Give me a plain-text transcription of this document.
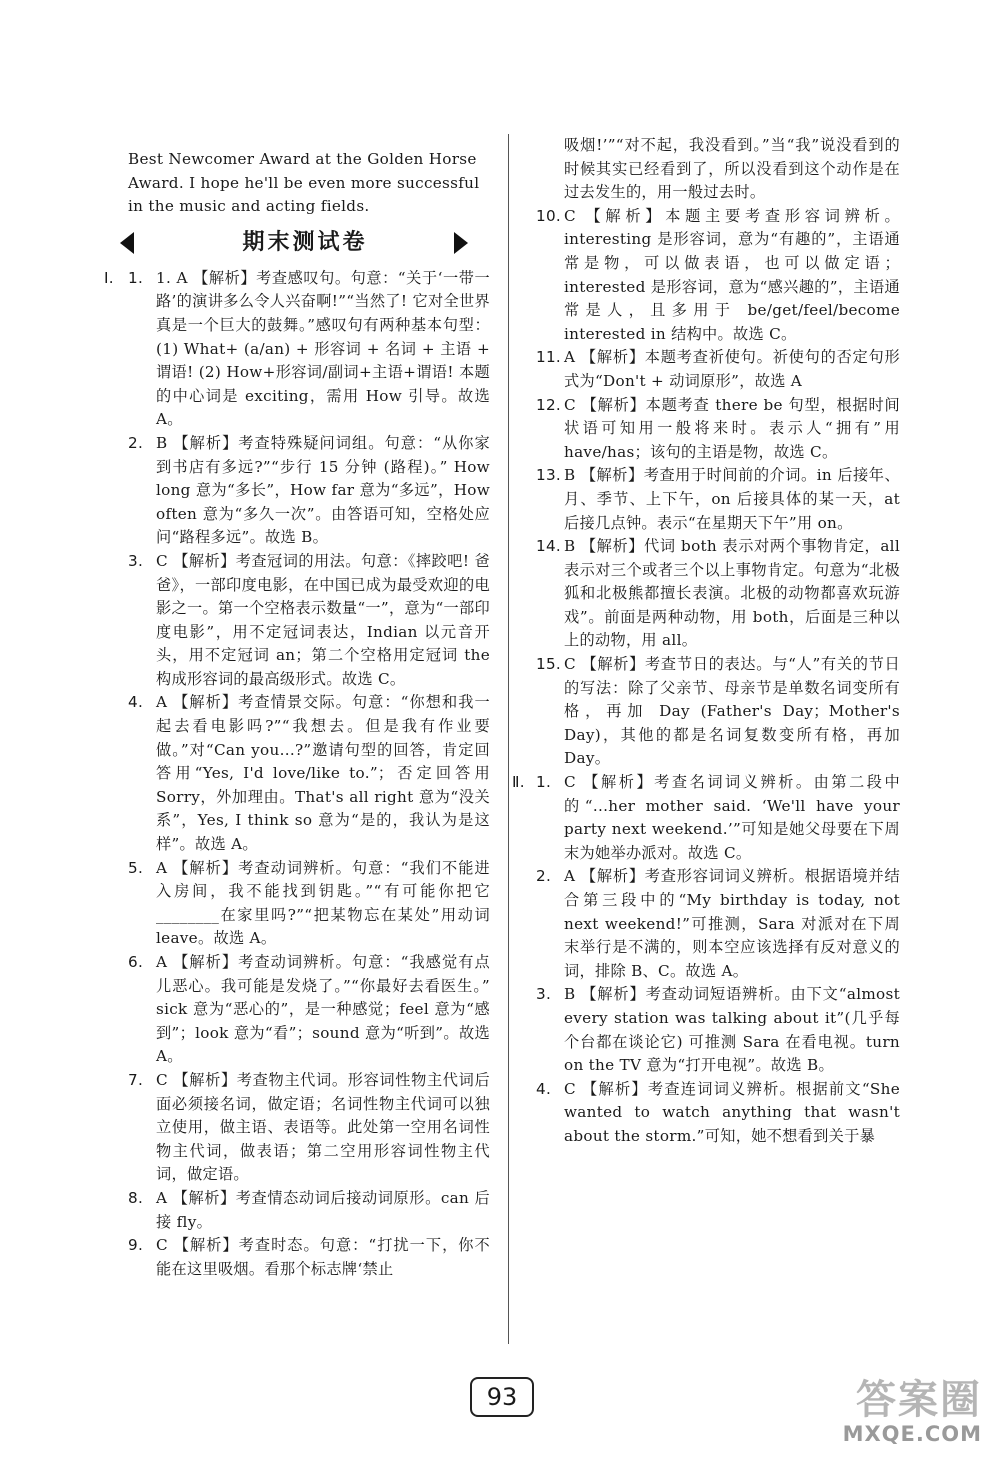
Best Newcomer Award at the Golden Horse Award. I hope he'll be even more successful in the music and acting fields.
期末测试卷
Ⅰ. 1. 1. A 【解析】考查感叹句。句意：“关于‘一带一路’的演讲多么令人兴奋啊!”“当然了! 它对全世界真是一个巨大的鼓舞。”感叹句有两种基本句型：(1) What+ (a/an) + 形容词 + 名词 + 主语 + 谓语! (2) How+形容词/副词+主语+谓语! 本题的中心词是 exciting，需用 How 引导。故选 A。
2. B 【解析】考查特殊疑问词组。句意：“从你家到书店有多远?”“步行 15 分钟 (路程)。” How long 意为“多长”，How far 意为“多远”，How often 意为“多久一次”。由答语可知，空格处应问“路程多远”。故选 B。
3. C 【解析】考查冠词的用法。句意：《摔跤吧! 爸爸》，一部印度电影，在中国已成为最受欢迎的电影之一。第一个空格表示数量“一”，意为“一部印度电影”，用不定冠词表达，Indian 以元音开头，用不定冠词 an；第二个空格用定冠词 the 构成形容词的最高级形式。故选 C。
4. A 【解析】考查情景交际。句意：“你想和我一起去看电影吗?”“我想去。但是我有作业要做。”对“Can you...?”邀请句型的回答，肯定回答用“Yes, I'd love/like to.”；否定回答用 Sorry，外加理由。That's all right 意为“没关系”，Yes, I think so 意为“是的，我认为是这样”。故选 A。
5. A 【解析】考查动词辨析。句意：“我们不能进入房间，我不能找到钥匙。”“有可能你把它________在家里吗?”“把某物忘在某处”用动词 leave。故选 A。
6. A 【解析】考查动词辨析。句意：“我感觉有点儿恶心。我可能是发烧了。”“你最好去看医生。” sick 意为“恶心的”，是一种感觉；feel 意为“感到”；look 意为“看”；sound 意为“听到”。故选 A。
7. C 【解析】考查物主代词。形容词性物主代词后面必须接名词，做定语；名词性物主代词可以独立使用，做主语、表语等。此处第一空用名词性物主代词，做表语；第二空用形容词性物主代词，做定语。
8. A 【解析】考查情态动词后接动词原形。can 后接 fly。
9. C 【解析】考查时态。句意：“打扰一下，你不能在这里吸烟。看那个标志牌‘禁止
吸烟!’”“对不起，我没看到。”当“我”说没看到的时候其实已经看到了，所以没看到这个动作是在过去发生的，用一般过去时。
10. C 【解析】本题主要考查形容词辨析。interesting 是形容词，意为“有趣的”，主语通常是物，可以做表语，也可以做定语；interested 是形容词，意为“感兴趣的”，主语通常是人，且多用于 be/get/feel/become interested in 结构中。故选 C。
11. A 【解析】本题考查祈使句。祈使句的否定句形式为“Don't + 动词原形”，故选 A
12. C 【解析】本题考查 there be 句型，根据时间状语可知用一般将来时。表示人“拥有”用 have/has；该句的主语是物，故选 C。
13. B 【解析】考查用于时间前的介词。in 后接年、月、季节、上下午，on 后接具体的某一天，at 后接几点钟。表示“在星期天下午”用 on。
14. B 【解析】代词 both 表示对两个事物肯定，all 表示对三个或者三个以上事物肯定。句意为“北极狐和北极熊都擅长表演。北极的动物都喜欢玩游戏”。前面是两种动物，用 both，后面是三种以上的动物，用 all。
15. C 【解析】考查节日的表达。与“人”有关的节日的写法：除了父亲节、母亲节是单数名词变所有格，再加 Day (Father's Day；Mother's Day)，其他的都是名词复数变所有格，再加 Day。
Ⅱ. 1. C 【解析】考查名词词义辨析。由第二段中的“...her mother said. ‘We'll have your party next weekend.’”可知是她父母要在下周末为她举办派对。故选 C。
2. A 【解析】考查形容词词义辨析。根据语境并结合第三段中的“My birthday is today, not next weekend!”可推测，Sara 对派对在下周末举行是不满的，则本空应该选择有反对意义的词，排除 B、C。故选 A。
3. B 【解析】考查动词短语辨析。由下文“almost every station was talking about it”(几乎每个台都在谈论它) 可推测 Sara 在看电视。turn on the TV 意为“打开电视”。故选 B。
4. C 【解析】考查连词词义辨析。根据前文“She wanted to watch anything that wasn't about the storm.”可知，她不想看到关于暴
93	答案圈
MXQE.COM
